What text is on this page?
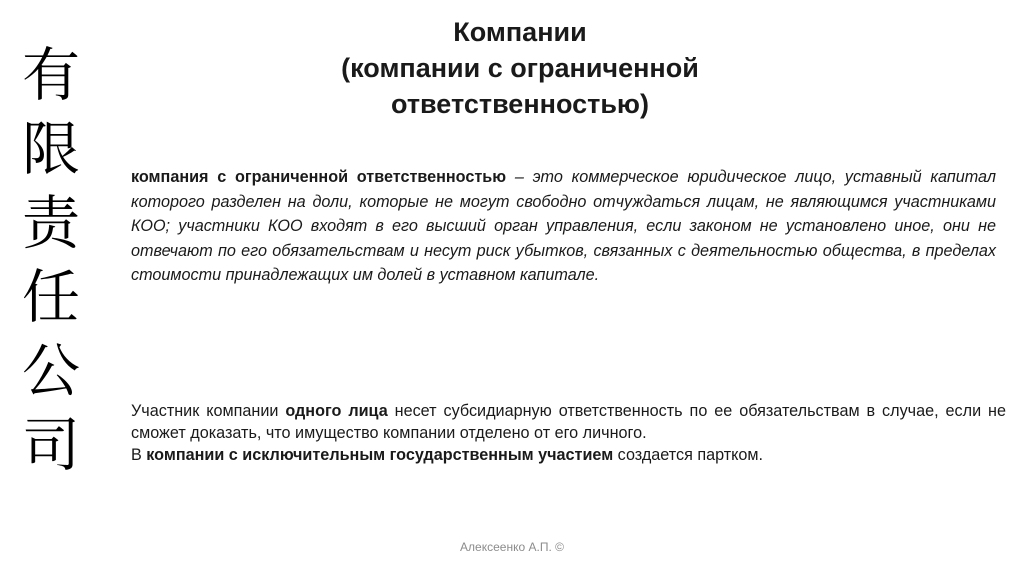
有
限
责
任
公
司
Компании
(компании с ограниченной
ответственностью)
компания с ограниченной ответственностью – это коммерческое юридическое лицо, уставный капитал которого разделен на доли, которые не могут свободно отчуждаться лицам, не являющимся участниками КОО; участники КОО входят в его высший орган управления, если законом не установлено иное, они не отвечают по его обязательствам и несут риск убытков, связанных с деятельностью общества, в пределах стоимости принадлежащих им долей в уставном капитале.

Участник компании одного лица несет субсидиарную ответственность по ее обязательствам в случае, если не сможет доказать, что имущество компании отделено от его личного.

В компании с исключительным государственным участием создается партком.

Алексеенко А.П. ©
